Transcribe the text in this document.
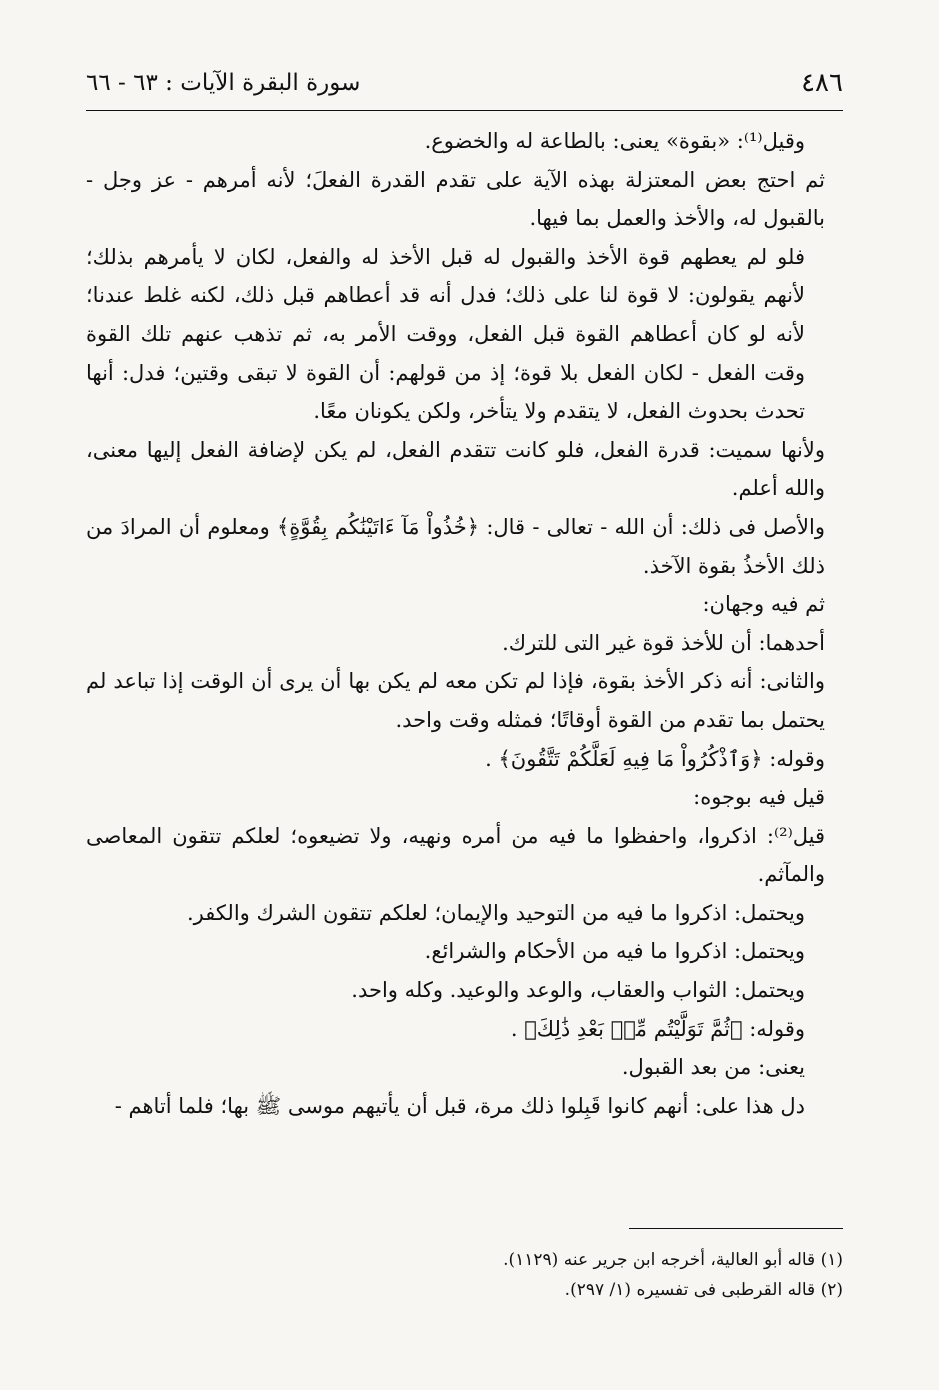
٤٨٦
سورة البقرة الآيات : ٦٣ - ٦٦

وقيل⁽¹⁾: «بقوة» يعنى: بالطاعة له والخضوع.

ثم احتج بعض المعتزلة بهذه الآية على تقدم القدرة الفعلَ؛ لأنه أمرهم - عز وجل - بالقبول له، والأخذ والعمل بما فيها.

فلو لم يعطهم قوة الأخذ والقبول له قبل الأخذ له والفعل، لكان لا يأمرهم بذلك؛ لأنهم يقولون: لا قوة لنا على ذلك؛ فدل أنه قد أعطاهم قبل ذلك، لكنه غلط عندنا؛ لأنه لو كان أعطاهم القوة قبل الفعل، ووقت الأمر به، ثم تذهب عنهم تلك القوة وقت الفعل - لكان الفعل بلا قوة؛ إذ من قولهم: أن القوة لا تبقى وقتين؛ فدل: أنها تحدث بحدوث الفعل، لا يتقدم ولا يتأخر، ولكن يكونان معًا.

ولأنها سميت: قدرة الفعل، فلو كانت تتقدم الفعل، لم يكن لإضافة الفعل إليها معنى، والله أعلم.

والأصل فى ذلك: أن الله - تعالى - قال: ﴿خُذُواْ مَآ ءَاتَيْنَٰكُم بِقُوَّةٍ﴾ ومعلوم أن المرادَ من ذلك الأخذُ بقوة الآخذ.

ثم فيه وجهان:

أحدهما: أن للأخذ قوة غير التى للترك.

والثانى: أنه ذكر الأخذ بقوة، فإذا لم تكن معه لم يكن بها أن يرى أن الوقت إذا تباعد لم يحتمل بما تقدم من القوة أوقاتًا؛ فمثله وقت واحد.

وقوله: ﴿وَٱذْكُرُواْ مَا فِيهِ لَعَلَّكُمْ تَتَّقُونَ﴾ .

قيل فيه بوجوه:

قيل⁽²⁾: اذكروا، واحفظوا ما فيه من أمره ونهيه، ولا تضيعوه؛ لعلكم تتقون المعاصى والمآثم.

ويحتمل: اذكروا ما فيه من التوحيد والإيمان؛ لعلكم تتقون الشرك والكفر.

ويحتمل: اذكروا ما فيه من الأحكام والشرائع.

ويحتمل: الثواب والعقاب، والوعد والوعيد. وكله واحد.

وقوله: ﴿ثُمَّ تَوَلَّيْتُم مِّنۢ بَعْدِ ذَٰلِكَ﴾ .

يعنى: من بعد القبول.

دل هذا على: أنهم كانوا قَبِلوا ذلك مرة، قبل أن يأتيهم موسى ﷺ بها؛ فلما أتاهم -

(١) قاله أبو العالية، أخرجه ابن جرير عنه (١١٢٩).

(٢) قاله القرطبى فى تفسيره (١/ ٢٩٧).
